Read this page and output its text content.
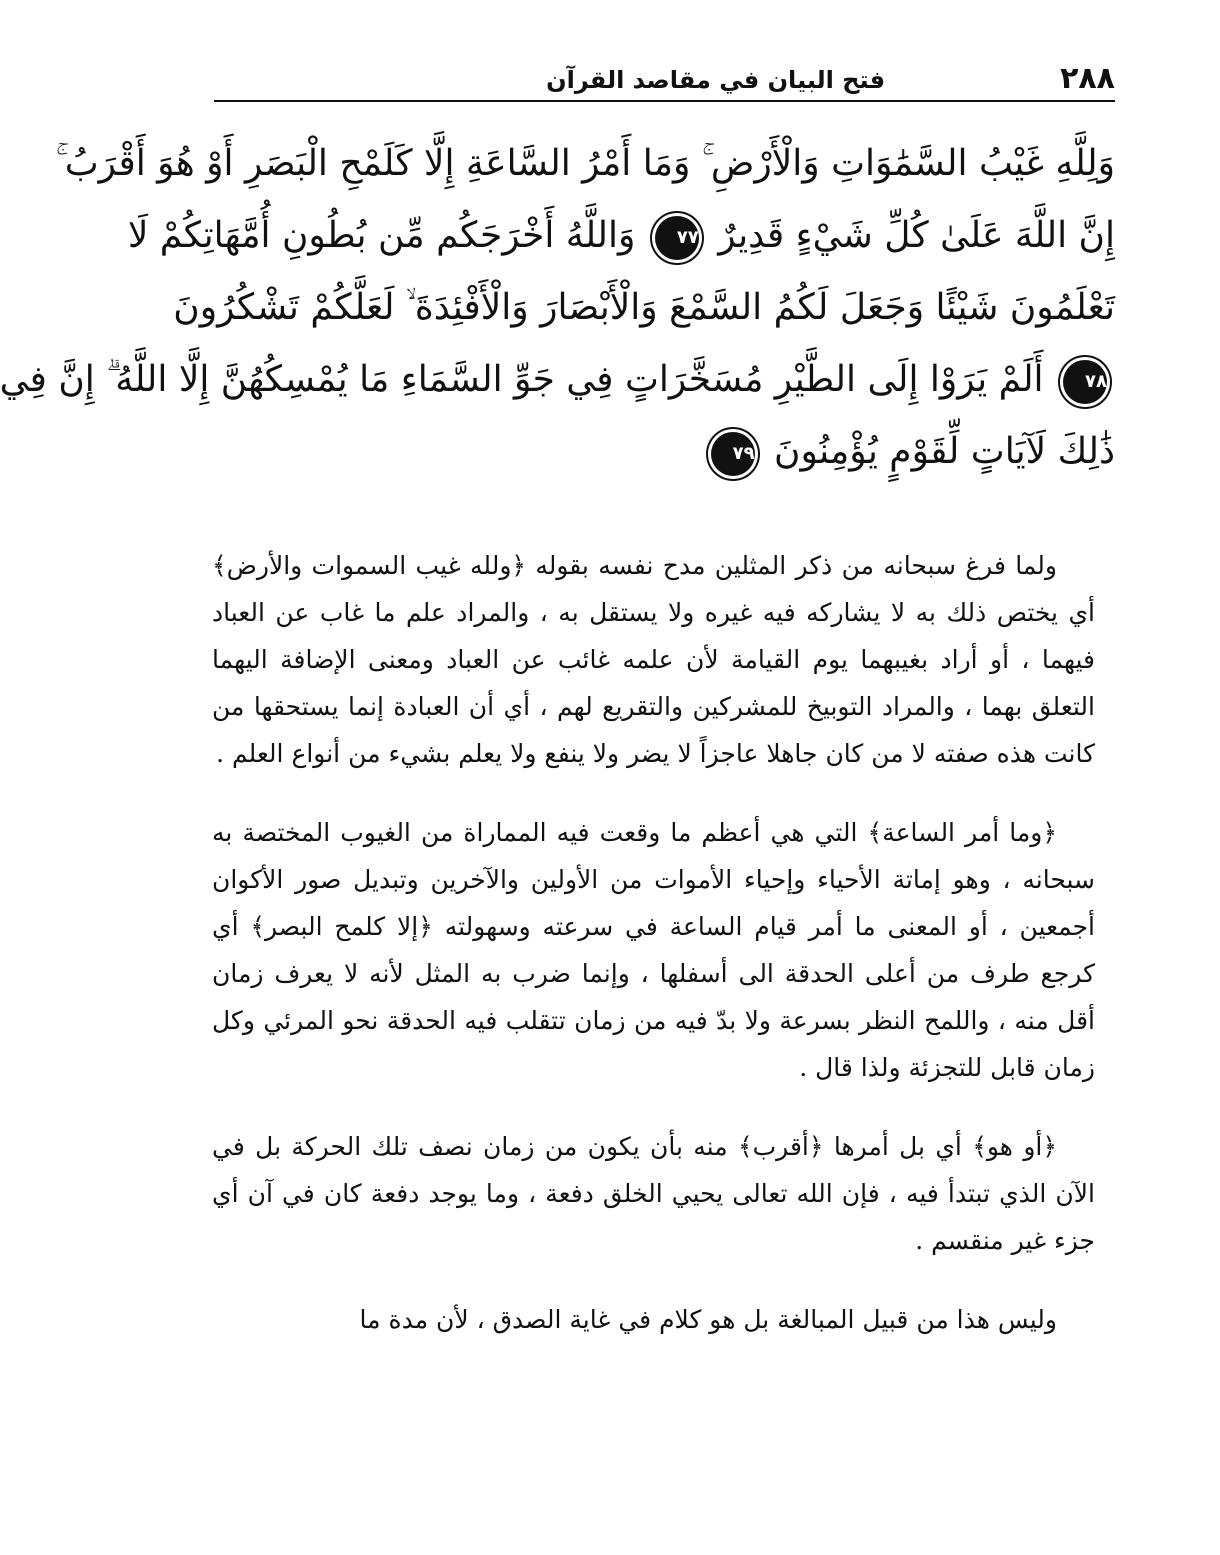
٢٨٨
فتح البيان في مقاصد القرآن
وَلِلَّهِ غَيْبُ السَّمَٰوَاتِ وَالْأَرْضِ ۚ وَمَا أَمْرُ السَّاعَةِ إِلَّا كَلَمْحِ الْبَصَرِ أَوْ هُوَ أَقْرَبُ ۚ
إِنَّ اللَّهَ عَلَىٰ كُلِّ شَيْءٍ قَدِيرٌ ٧٧ وَاللَّهُ أَخْرَجَكُم مِّن بُطُونِ أُمَّهَاتِكُمْ لَا
تَعْلَمُونَ شَيْئًا وَجَعَلَ لَكُمُ السَّمْعَ وَالْأَبْصَارَ وَالْأَفْئِدَةَ ۙ لَعَلَّكُمْ تَشْكُرُونَ
٧٨ أَلَمْ يَرَوْا إِلَى الطَّيْرِ مُسَخَّرَاتٍ فِي جَوِّ السَّمَاءِ مَا يُمْسِكُهُنَّ إِلَّا اللَّهُ ۗ إِنَّ فِي
ذَٰلِكَ لَآيَاتٍ لِّقَوْمٍ يُؤْمِنُونَ ٧٩

ولما فرغ سبحانه من ذكر المثلين مدح نفسه بقوله ﴿ولله غيب السموات والأرض﴾ أي يختص ذلك به لا يشاركه فيه غيره ولا يستقل به ، والمراد علم ما غاب عن العباد فيهما ، أو أراد بغيبهما يوم القيامة لأن علمه غائب عن العباد ومعنى الإضافة اليهما التعلق بهما ، والمراد التوبيخ للمشركين والتقريع لهم ، أي أن العبادة إنما يستحقها من كانت هذه صفته لا من كان جاهلا عاجزاً لا يضر ولا ينفع ولا يعلم بشيء من أنواع العلم .

﴿وما أمر الساعة﴾ التي هي أعظم ما وقعت فيه المماراة من الغيوب المختصة به سبحانه ، وهو إماتة الأحياء وإحياء الأموات من الأولين والآخرين وتبديل صور الأكوان أجمعين ، أو المعنى ما أمر قيام الساعة في سرعته وسهولته ﴿إلا كلمح البصر﴾ أي كرجع طرف من أعلى الحدقة الى أسفلها ، وإنما ضرب به المثل لأنه لا يعرف زمان أقل منه ، واللمح النظر بسرعة ولا بدّ فيه من زمان تتقلب فيه الحدقة نحو المرئي وكل زمان قابل للتجزئة ولذا قال .

﴿أو هو﴾ أي بل أمرها ﴿أقرب﴾ منه بأن يكون من زمان نصف تلك الحركة بل في الآن الذي تبتدأ فيه ، فإن الله تعالى يحيي الخلق دفعة ، وما يوجد دفعة كان في آن أي جزء غير منقسم .

وليس هذا من قبيل المبالغة بل هو كلام في غاية الصدق ، لأن مدة ما
